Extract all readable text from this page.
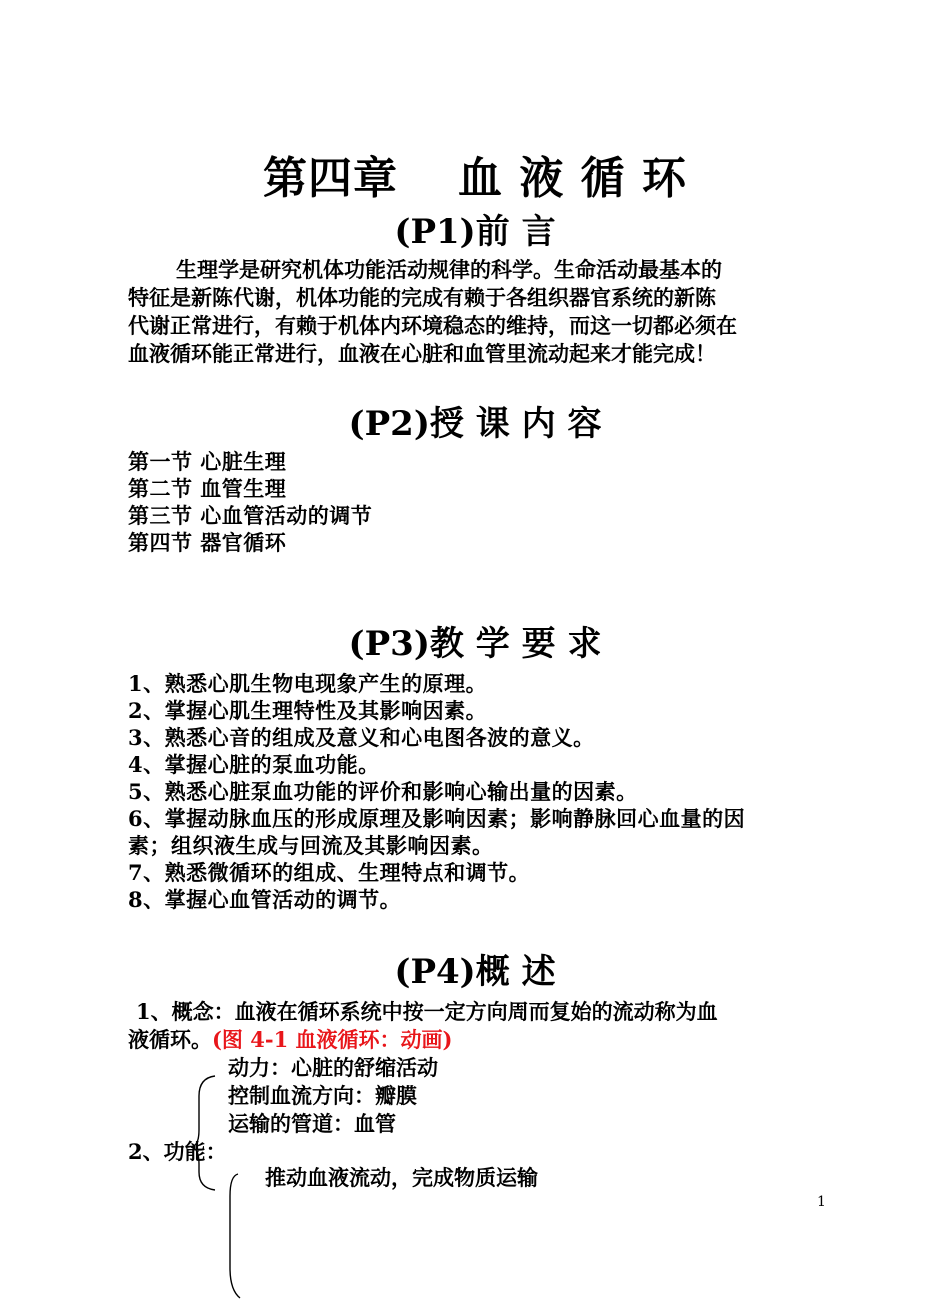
第四章 血 液 循 环
(P1)前 言
生理学是研究机体功能活动规律的科学。生命活动最基本的
特征是新陈代谢，机体功能的完成有赖于各组织器官系统的新陈
代谢正常进行，有赖于机体内环境稳态的维持，而这一切都必须在
血液循环能正常进行，血液在心脏和血管里流动起来才能完成！
(P2)授 课 内 容
第一节 心脏生理
第二节 血管生理
第三节 心血管活动的调节
第四节 器官循环
(P3)教 学 要 求
1、熟悉心肌生物电现象产生的原理。
2、掌握心肌生理特性及其影响因素。
3、熟悉心音的组成及意义和心电图各波的意义。
4、掌握心脏的泵血功能。
5、熟悉心脏泵血功能的评价和影响心输出量的因素。
6、掌握动脉血压的形成原理及影响因素；影响静脉回心血量的因
素；组织液生成与回流及其影响因素。
7、熟悉微循环的组成、生理特点和调节。
8、掌握心血管活动的调节。
(P4)概 述
1、概念：血液在循环系统中按一定方向周而复始的流动称为血
液循环。(图 4-1 血液循环：动画)
动力：心脏的舒缩活动
控制血流方向：瓣膜
运输的管道：血管
2、功能：
推动血液流动，完成物质运输
1
